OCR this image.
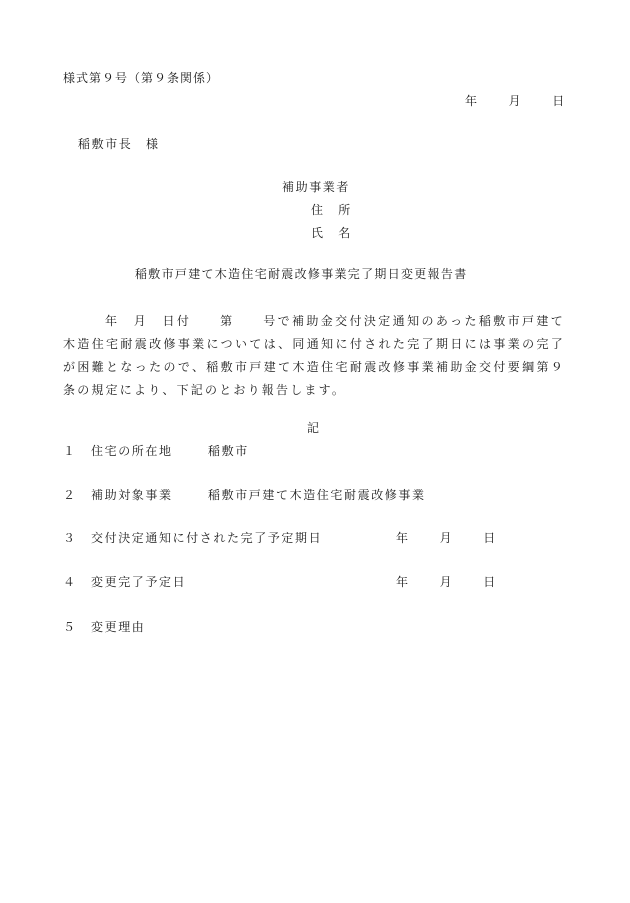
様式第９号（第９条関係）
年	月	日
稲敷市長　様
補助事業者
住　所
氏　名
稲敷市戸建て木造住宅耐震改修事業完了期日変更報告書
年　月　日付　　第　　号で補助金交付決定通知のあった稲敷市戸建て木造住宅耐震改修事業については、同通知に付された完了期日には事業の完了が困難となったので、稲敷市戸建て木造住宅耐震改修事業補助金交付要綱第９条の規定により、下記のとおり報告します。
記
１ 住宅の所在地	稲敷市
２ 補助対象事業	稲敷市戸建て木造住宅耐震改修事業
３ 交付決定通知に付された完了予定期日	年	月	日
４ 変更完了予定日	年	月	日
５ 変更理由
